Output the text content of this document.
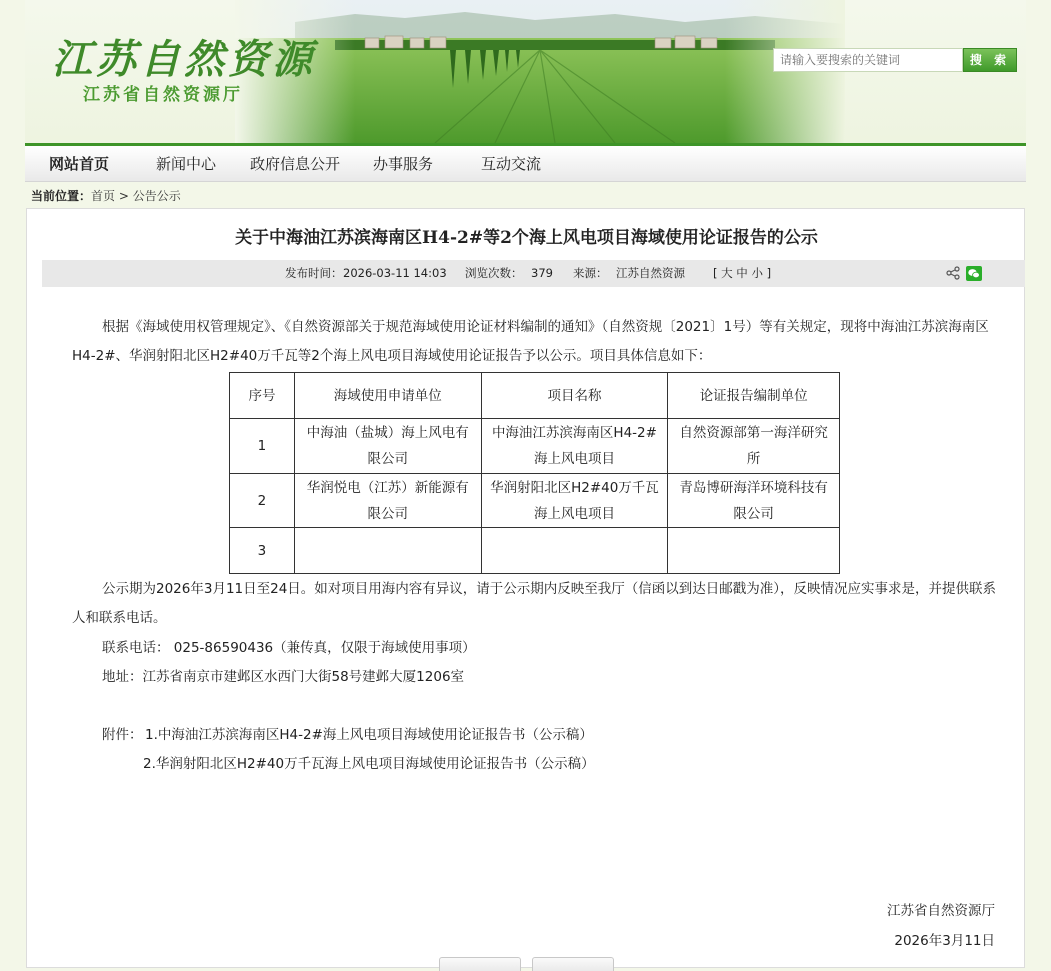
江苏自然资源
江苏省自然资源厅
请输入要搜索的关键词
搜 索
网站首页	新闻中心 政府信息公开 办事服务	互动交流
当前位置：首页 > 公告公示
关于中海油江苏滨海南区H4-2#等2个海上风电项目海域使用论证报告的公示
发布时间： 2026-03-11 14:03 浏览次数： 379 来源： 江苏自然资源 [ 大 中 小 ]
根据《海域使用权管理规定》、《自然资源部关于规范海域使用论证材料编制的通知》（自然资规〔2021〕1号）等有关规定，现将中海油江苏滨海南区H4-2#、华润射阳北区H2#40万千瓦等2个海上风电项目海域使用论证报告予以公示。项目具体信息如下：
序号	海域使用申请单位	项目名称	论证报告编制单位
1	中海油（盐城）海上风电有限公司	中海油江苏滨海南区H4-2#海上风电项目	自然资源部第一海洋研究所
2	华润悦电（江苏）新能源有限公司	华润射阳北区H2#40万千瓦海上风电项目	青岛博研海洋环境科技有限公司
3			
公示期为2026年3月11日至24日。如对项目用海内容有异议，请于公示期内反映至我厅（信函以到达日邮戳为准），反映情况应实事求是，并提供联系人和联系电话。
联系电话： 025-86590436（兼传真，仅限于海域使用事项）
地址：江苏省南京市建邺区水西门大街58号建邺大厦1206室
附件： 1.中海油江苏滨海南区H4-2#海上风电项目海域使用论证报告书（公示稿）
2.华润射阳北区H2#40万千瓦海上风电项目海域使用论证报告书（公示稿）
江苏省自然资源厅
2026年3月11日
